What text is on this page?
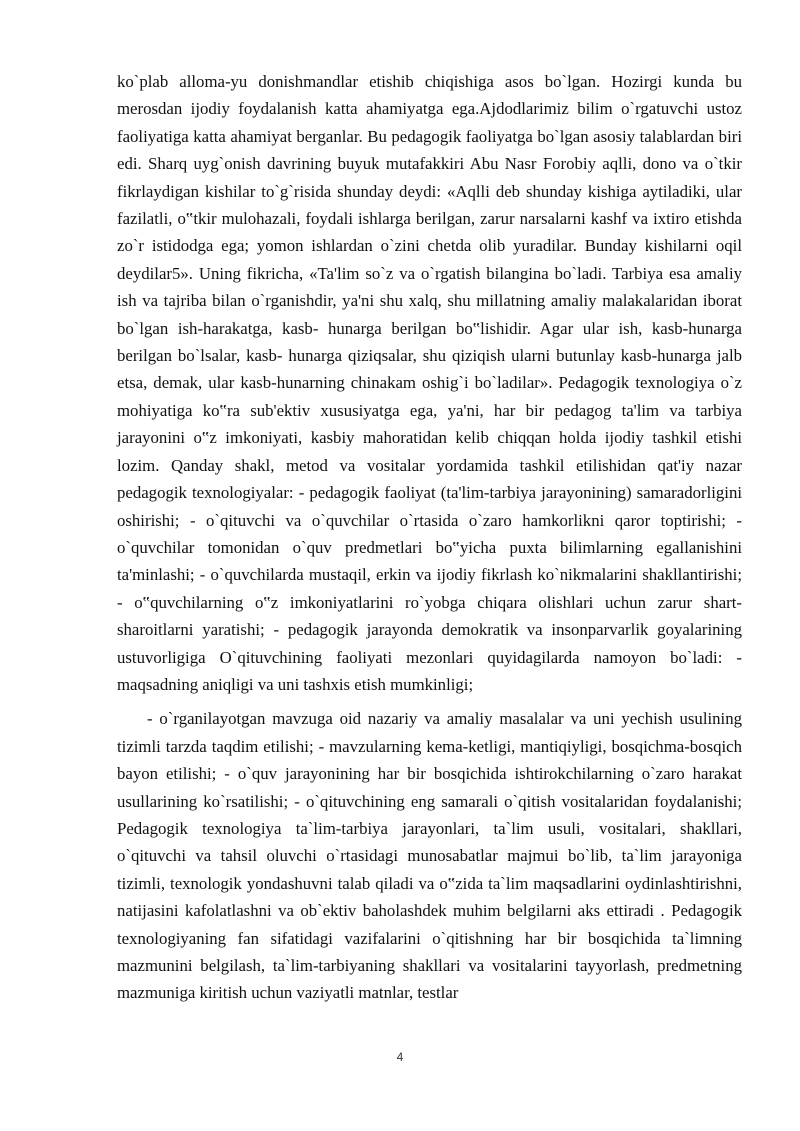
ko`plab alloma-yu donishmandlar etishib chiqishiga asos bo`lgan. Hozirgi kunda bu merosdan ijodiy foydalanish katta ahamiyatga ega.Ajdodlarimiz bilim o`rgatuvchi ustoz faoliyatiga katta ahamiyat berganlar. Bu pedagogik faoliyatga bo`lgan asosiy talablardan biri edi. Sharq uyg`onish davrining buyuk mutafakkiri Abu Nasr Forobiy aqlli, dono va o`tkir fikrlaydigan kishilar to`g`risida shunday deydi: «Aqlli deb shunday kishiga aytiladiki, ular fazilatli, o‟tkir mulohazali, foydali ishlarga berilgan, zarur narsalarni kashf va ixtiro etishda zo`r istidodga ega; yomon ishlardan o`zini chetda olib yuradilar. Bunday kishilarni oqil deydilar5». Uning fikricha, «Ta'lim so`z va o`rgatish bilangina bo`ladi. Tarbiya esa amaliy ish va tajriba bilan o`rganishdir, ya'ni shu xalq, shu millatning amaliy malakalaridan iborat bo`lgan ish-harakatga, kasb- hunarga berilgan bo‟lishidir. Agar ular ish, kasb-hunarga berilgan bo`lsalar, kasb- hunarga qiziqsalar, shu qiziqish ularni butunlay kasb-hunarga jalb etsa, demak, ular kasb-hunarning chinakam oshig`i bo`ladilar». Pedagogik texnologiya o`z mohiyatiga ko‟ra sub'ektiv xususiyatga ega, ya'ni, har bir pedagog ta'lim va tarbiya jarayonini o‟z imkoniyati, kasbiy mahoratidan kelib chiqqan holda ijodiy tashkil etishi lozim. Qanday shakl, metod va vositalar yordamida tashkil etilishidan qat'iy nazar pedagogik texnologiyalar: - pedagogik faoliyat (ta'lim-tarbiya jarayonining) samaradorligini oshirishi; - o`qituvchi va o`quvchilar o`rtasida o`zaro hamkorlikni qaror toptirishi; - o`quvchilar tomonidan o`quv predmetlari bo‟yicha puxta bilimlarning egallanishini ta'minlashi; - o`quvchilarda mustaqil, erkin va ijodiy fikrlash ko`nikmalarini shakllantirishi; - o‟quvchilarning o‟z imkoniyatlarini ro`yobga chiqara olishlari uchun zarur shart-sharoitlarni yaratishi; - pedagogik jarayonda demokratik va insonparvarlik goyalarining ustuvorligiga O`qituvchining faoliyati mezonlari quyidagilarda namoyon bo`ladi: - maqsadning aniqligi va uni tashxis etish mumkinligi;

- o`rganilayotgan mavzuga oid nazariy va amaliy masalalar va uni yechish usulining tizimli tarzda taqdim etilishi; - mavzularning kema-ketligi, mantiqiyligi, bosqichma-bosqich bayon etilishi; - o`quv jarayonining har bir bosqichida ishtirokchilarning o`zaro harakat usullarining ko`rsatilishi; - o`qituvchining eng samarali o`qitish vositalaridan foydalanishi; Pedagogik texnologiya ta`lim-tarbiya jarayonlari, ta`lim usuli, vositalari, shakllari, o`qituvchi va tahsil oluvchi o`rtasidagi munosabatlar majmui bo`lib, ta`lim jarayoniga tizimli, texnologik yondashuvni talab qiladi va o‟zida ta`lim maqsadlarini oydinlashtirishni, natijasini kafolatlashni va ob`ektiv baholashdek muhim belgilarni aks ettiradi . Pedagogik texnologiyaning fan sifatidagi vazifalarini o`qitishning har bir bosqichida ta`limning mazmunini belgilash, ta`lim-tarbiyaning shakllari va vositalarini tayyorlash, predmetning mazmuniga kiritish uchun vaziyatli matnlar, testlar

4
